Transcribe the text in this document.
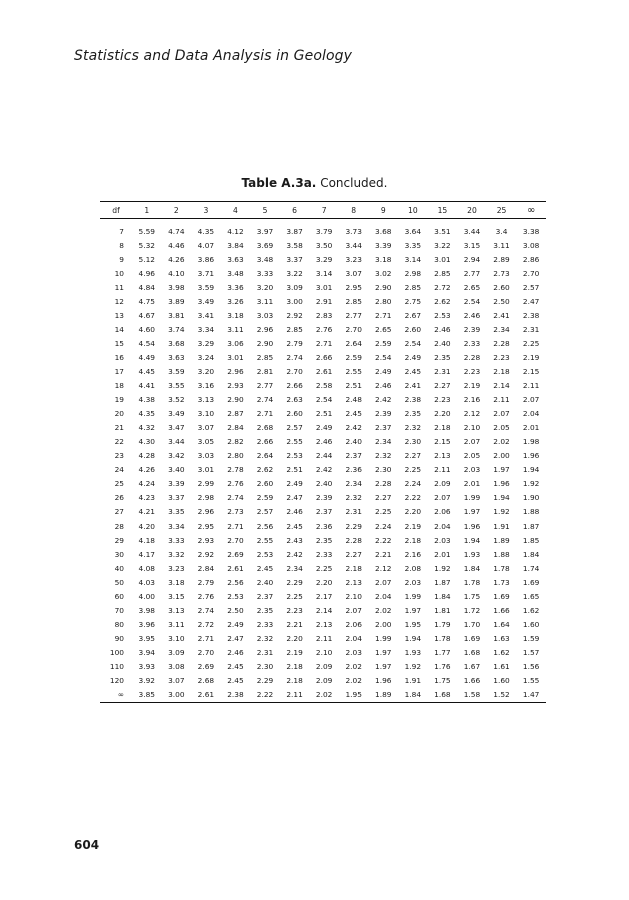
Statistics and Data Analysis in Geology
Table A.3a. Concluded.
df	1	2	3	4	5	6	7	8	9	10	15	20	25	∞
7	5.59	4.74	4.35	4.12	3.97	3.87	3.79	3.73	3.68	3.64	3.51	3.44	3.4	3.38
8	5.32	4.46	4.07	3.84	3.69	3.58	3.50	3.44	3.39	3.35	3.22	3.15	3.11	3.08
9	5.12	4.26	3.86	3.63	3.48	3.37	3.29	3.23	3.18	3.14	3.01	2.94	2.89	2.86
10	4.96	4.10	3.71	3.48	3.33	3.22	3.14	3.07	3.02	2.98	2.85	2.77	2.73	2.70
11	4.84	3.98	3.59	3.36	3.20	3.09	3.01	2.95	2.90	2.85	2.72	2.65	2.60	2.57
12	4.75	3.89	3.49	3.26	3.11	3.00	2.91	2.85	2.80	2.75	2.62	2.54	2.50	2.47
13	4.67	3.81	3.41	3.18	3.03	2.92	2.83	2.77	2.71	2.67	2.53	2.46	2.41	2.38
14	4.60	3.74	3.34	3.11	2.96	2.85	2.76	2.70	2.65	2.60	2.46	2.39	2.34	2.31
15	4.54	3.68	3.29	3.06	2.90	2.79	2.71	2.64	2.59	2.54	2.40	2.33	2.28	2.25
16	4.49	3.63	3.24	3.01	2.85	2.74	2.66	2.59	2.54	2.49	2.35	2.28	2.23	2.19
17	4.45	3.59	3.20	2.96	2.81	2.70	2.61	2.55	2.49	2.45	2.31	2.23	2.18	2.15
18	4.41	3.55	3.16	2.93	2.77	2.66	2.58	2.51	2.46	2.41	2.27	2.19	2.14	2.11
19	4.38	3.52	3.13	2.90	2.74	2.63	2.54	2.48	2.42	2.38	2.23	2.16	2.11	2.07
20	4.35	3.49	3.10	2.87	2.71	2.60	2.51	2.45	2.39	2.35	2.20	2.12	2.07	2.04
21	4.32	3.47	3.07	2.84	2.68	2.57	2.49	2.42	2.37	2.32	2.18	2.10	2.05	2.01
22	4.30	3.44	3.05	2.82	2.66	2.55	2.46	2.40	2.34	2.30	2.15	2.07	2.02	1.98
23	4.28	3.42	3.03	2.80	2.64	2.53	2.44	2.37	2.32	2.27	2.13	2.05	2.00	1.96
24	4.26	3.40	3.01	2.78	2.62	2.51	2.42	2.36	2.30	2.25	2.11	2.03	1.97	1.94
25	4.24	3.39	2.99	2.76	2.60	2.49	2.40	2.34	2.28	2.24	2.09	2.01	1.96	1.92
26	4.23	3.37	2.98	2.74	2.59	2.47	2.39	2.32	2.27	2.22	2.07	1.99	1.94	1.90
27	4.21	3.35	2.96	2.73	2.57	2.46	2.37	2.31	2.25	2.20	2.06	1.97	1.92	1.88
28	4.20	3.34	2.95	2.71	2.56	2.45	2.36	2.29	2.24	2.19	2.04	1.96	1.91	1.87
29	4.18	3.33	2.93	2.70	2.55	2.43	2.35	2.28	2.22	2.18	2.03	1.94	1.89	1.85
30	4.17	3.32	2.92	2.69	2.53	2.42	2.33	2.27	2.21	2.16	2.01	1.93	1.88	1.84
40	4.08	3.23	2.84	2.61	2.45	2.34	2.25	2.18	2.12	2.08	1.92	1.84	1.78	1.74
50	4.03	3.18	2.79	2.56	2.40	2.29	2.20	2.13	2.07	2.03	1.87	1.78	1.73	1.69
60	4.00	3.15	2.76	2.53	2.37	2.25	2.17	2.10	2.04	1.99	1.84	1.75	1.69	1.65
70	3.98	3.13	2.74	2.50	2.35	2.23	2.14	2.07	2.02	1.97	1.81	1.72	1.66	1.62
80	3.96	3.11	2.72	2.49	2.33	2.21	2.13	2.06	2.00	1.95	1.79	1.70	1.64	1.60
90	3.95	3.10	2.71	2.47	2.32	2.20	2.11	2.04	1.99	1.94	1.78	1.69	1.63	1.59
100	3.94	3.09	2.70	2.46	2.31	2.19	2.10	2.03	1.97	1.93	1.77	1.68	1.62	1.57
110	3.93	3.08	2.69	2.45	2.30	2.18	2.09	2.02	1.97	1.92	1.76	1.67	1.61	1.56
120	3.92	3.07	2.68	2.45	2.29	2.18	2.09	2.02	1.96	1.91	1.75	1.66	1.60	1.55
∞	3.85	3.00	2.61	2.38	2.22	2.11	2.02	1.95	1.89	1.84	1.68	1.58	1.52	1.47
604
